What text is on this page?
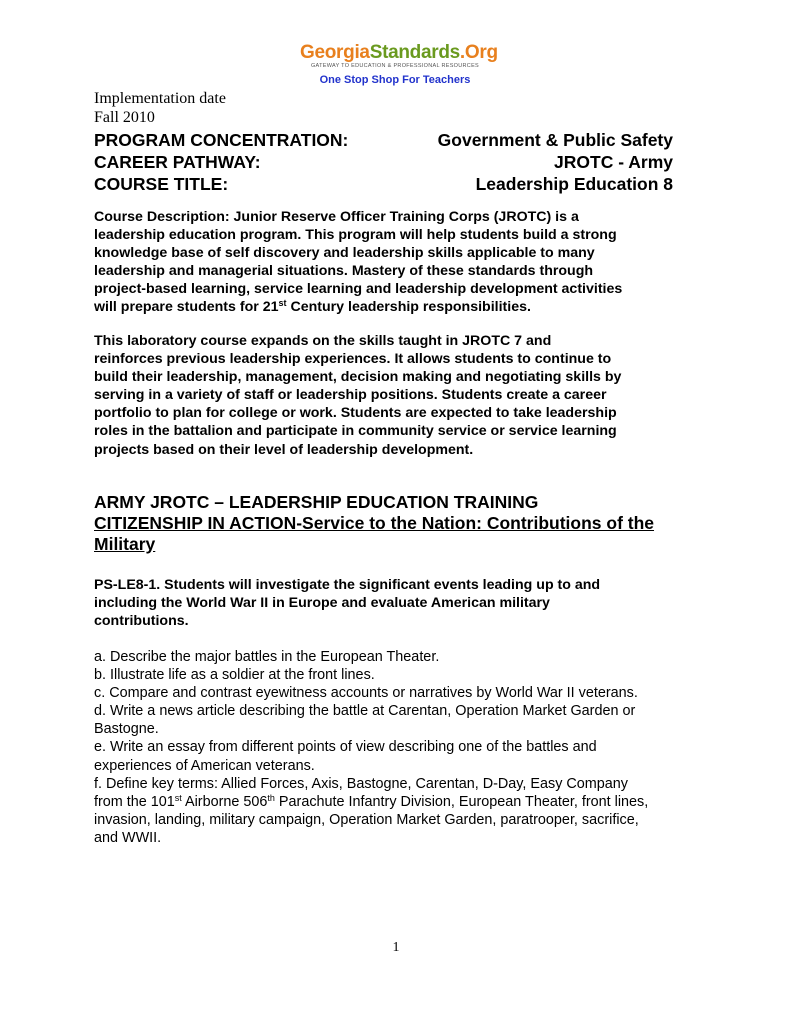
GeorgiaStandards.Org
GATEWAY TO EDUCATION & PROFESSIONAL RESOURCES
One Stop Shop For Teachers
Implementation date
Fall 2010
PROGRAM CONCENTRATION:	Government & Public Safety
CAREER PATHWAY:	JROTC - Army
COURSE TITLE:	Leadership Education 8
Course Description: Junior Reserve Officer Training Corps (JROTC) is a
leadership education program. This program will help students build a strong
knowledge base of self discovery and leadership skills applicable to many
leadership and managerial situations. Mastery of these standards through
project-based learning, service learning and leadership development activities
will prepare students for 21st Century leadership responsibilities.
This laboratory course expands on the skills taught in JROTC 7 and
reinforces previous leadership experiences. It allows students to continue to
build their leadership, management, decision making and negotiating skills by
serving in a variety of staff or leadership positions. Students create a career
portfolio to plan for college or work. Students are expected to take leadership
roles in the battalion and participate in community service or service learning
projects based on their level of leadership development.
ARMY JROTC – LEADERSHIP EDUCATION TRAINING
CITIZENSHIP IN ACTION-Service to the Nation: Contributions of the
Military
PS-LE8-1. Students will investigate the significant events leading up to and
including the World War II in Europe and evaluate American military
contributions.
a. Describe the major battles in the European Theater.
b. Illustrate life as a soldier at the front lines.
c. Compare and contrast eyewitness accounts or narratives by World War II veterans.
d. Write a news article describing the battle at Carentan, Operation Market Garden or
Bastogne.
e. Write an essay from different points of view describing one of the battles and
experiences of American veterans.
f. Define key terms: Allied Forces, Axis, Bastogne, Carentan, D-Day, Easy Company
from the 101st Airborne 506th Parachute Infantry Division, European Theater, front lines,
invasion, landing, military campaign, Operation Market Garden, paratrooper, sacrifice,
and WWII.
1
